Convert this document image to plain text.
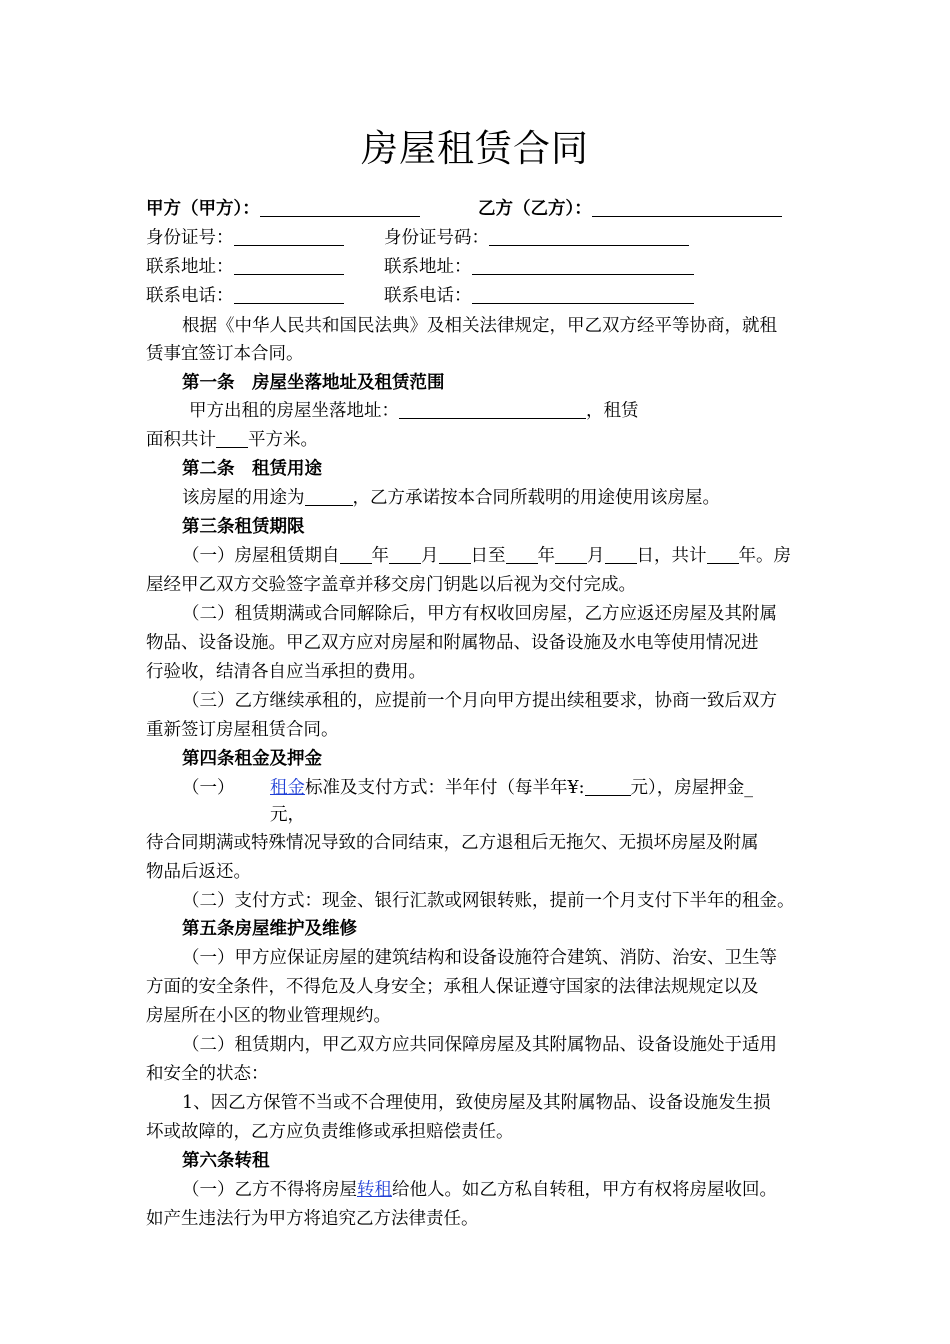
房屋租赁合同
甲方（甲方）：	乙方（乙方）：
身份证号：	身份证号码：
联系地址：	联系地址：
联系电话：	联系电话：
根据《中华人民共和国民法典》及相关法律规定，甲乙双方经平等协商，就租
赁事宜签订本合同。
第一条　房屋坐落地址及租赁范围
甲方出租的房屋坐落地址：	，租赁
面积共计 平方米。
第二条　租赁用途
该房屋的用途为	，乙方承诺按本合同所载明的用途使用该房屋。
第三条租赁期限
（一）房屋租赁期自 年 月 日至 年 月 日，共计 年。房
屋经甲乙双方交验签字盖章并移交房门钥匙以后视为交付完成。
（二）租赁期满或合同解除后，甲方有权收回房屋，乙方应返还房屋及其附属
物品、设备设施。甲乙双方应对房屋和附属物品、设备设施及水电等使用情况进
行验收，结清各自应当承担的费用。
（三）乙方继续承租的，应提前一个月向甲方提出续租要求，协商一致后双方
重新签订房屋租赁合同。
第四条租金及押金
（一） 租金标准及支付方式：半年付（每半年¥:	元），房屋押金_
元，
待合同期满或特殊情况导致的合同结束，乙方退租后无拖欠、无损坏房屋及附属
物品后返还。
（二）支付方式：现金、银行汇款或网银转账，提前一个月支付下半年的租金。
第五条房屋维护及维修
（一）甲方应保证房屋的建筑结构和设备设施符合建筑、消防、治安、卫生等
方面的安全条件，不得危及人身安全；承租人保证遵守国家的法律法规规定以及
房屋所在小区的物业管理规约。
（二）租赁期内，甲乙双方应共同保障房屋及其附属物品、设备设施处于适用
和安全的状态：
1、因乙方保管不当或不合理使用，致使房屋及其附属物品、设备设施发生损
坏或故障的，乙方应负责维修或承担赔偿责任。
第六条转租
（一）乙方不得将房屋转租给他人。如乙方私自转租，甲方有权将房屋收回。
如产生违法行为甲方将追究乙方法律责任。
